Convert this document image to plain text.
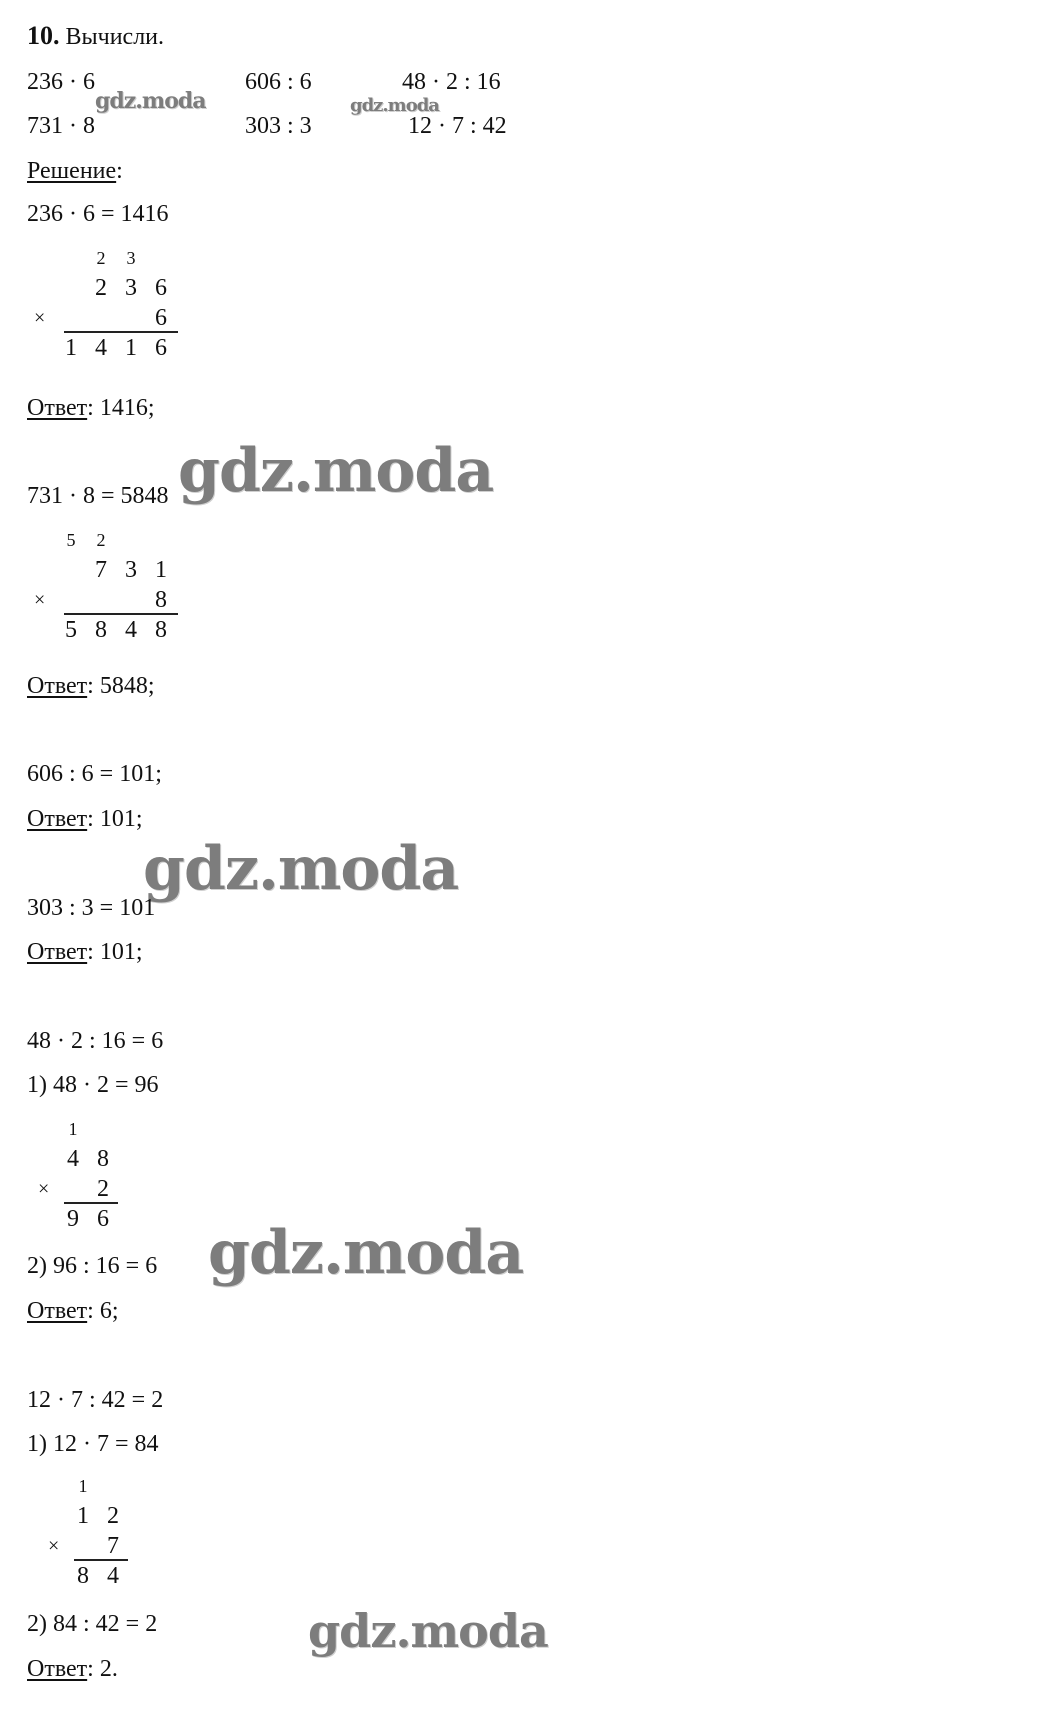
10. Вычисли.
236 · 6	606 : 6	48 · 2 : 16
731 · 8	303 : 3	12 · 7 : 42
gdz.moda	gdz.moda
Решение:
236 · 6 = 1416
2	3
2 3 6
×	6
1 4 1 6
Ответ: 1416;
gdz.moda
731 · 8 = 5848
5	2
7 3 1
×	8
5 8 4 8
Ответ: 5848;
606 : 6 = 101;
Ответ: 101;
gdz.moda
303 : 3 = 101
Ответ: 101;
48 · 2 : 16 = 6
1) 48 · 2 = 96
1
4 8
×	2
9 6
2) 96 : 16 = 6 gdz.moda
Ответ: 6;
12 · 7 : 42 = 2
1) 12 · 7 = 84
1
1 2
×	7
8 4
2) 84 : 42 = 2	gdz.moda
Ответ: 2.
